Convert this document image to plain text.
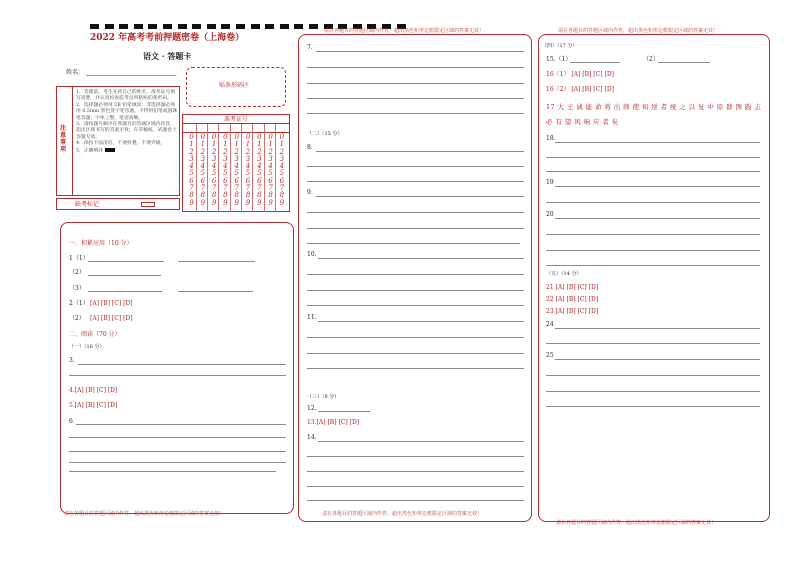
2022 年高考考前押题密卷（上海卷）
语文 · 答题卡
姓名：
贴条形码区
注意事项
1．答题前，考生先将自己的姓名、准考证号填写清楚，并认真检查监考员所粘贴的条形码。
2．选择题必须用 2B 铅笔填涂；非选择题必须用 0.5mm 黑色签字笔答题，不得用铅笔或圆珠笔答题；字体工整、笔迹清晰。
3．请按题号顺序在各题目的答题区域内作答，超出区域书写的答案无效；在草稿纸、试题卷上答题无效。
4．保持卡面清洁，不要折叠、不要弄破。
5．正确填涂
准考证号
0
1
2
3
4
5
6
7
8
9
0
1
2
3
4
5
6
7
8
9
0
1
2
3
4
5
6
7
8
9
0
1
2
3
4
5
6
7
8
9
0
1
2
3
4
5
6
7
8
9
0
1
2
3
4
5
6
7
8
9
0
1
2
3
4
5
6
7
8
9
0
1
2
3
4
5
6
7
8
9
0
1
2
3
4
5
6
7
8
9
缺考标记
请在各题目的答题区域内作答，超出黑色矩形边框限定区域的答案无效！
一、积累应用（10 分）
1（1）
（2）
（3）
2（1） [A] [B] [C] [D]
（2） [A] [B] [C] [D]
二、阅读（70 分）
（一）（16 分）
3．
4.[A] [B] [C] [D]
5.[A] [B] [C] [D]
6．
请在各题目的答题区域内作答，超出黑色矩形边框限定区域的答案无效！
请在各题目的答题区域内作答，超出黑色矩形边框限定区域的答案无效！
7.
（二）（15 分）
8.
9.
10.
11.
（三）（8 分）
12.
13.[A] [B] [C] [D]
14.
请在各题目的答题区域内作答，超出黑色矩形边框限定区域的答案无效！
请在各题目的答题区域内作答，超出黑色矩形边框限定区域的答案无效！
（四）（17 分）
15.（1）	（2）
16（1） [A] [B] [C] [D]
16（2） [A] [B] [C] [D]
17 大 王 诚 能 命 将 出 师 使 知 逆 者 统 之 以 复 中 原 群 图 践 志 必 有 望 风 响 应 者 矣
18.
19
20
（五）（14 分）
21 [A] [B] [C] [D]
22 [A] [B] [C] [D]
23 [A] [B] [C] [D]
24
25
